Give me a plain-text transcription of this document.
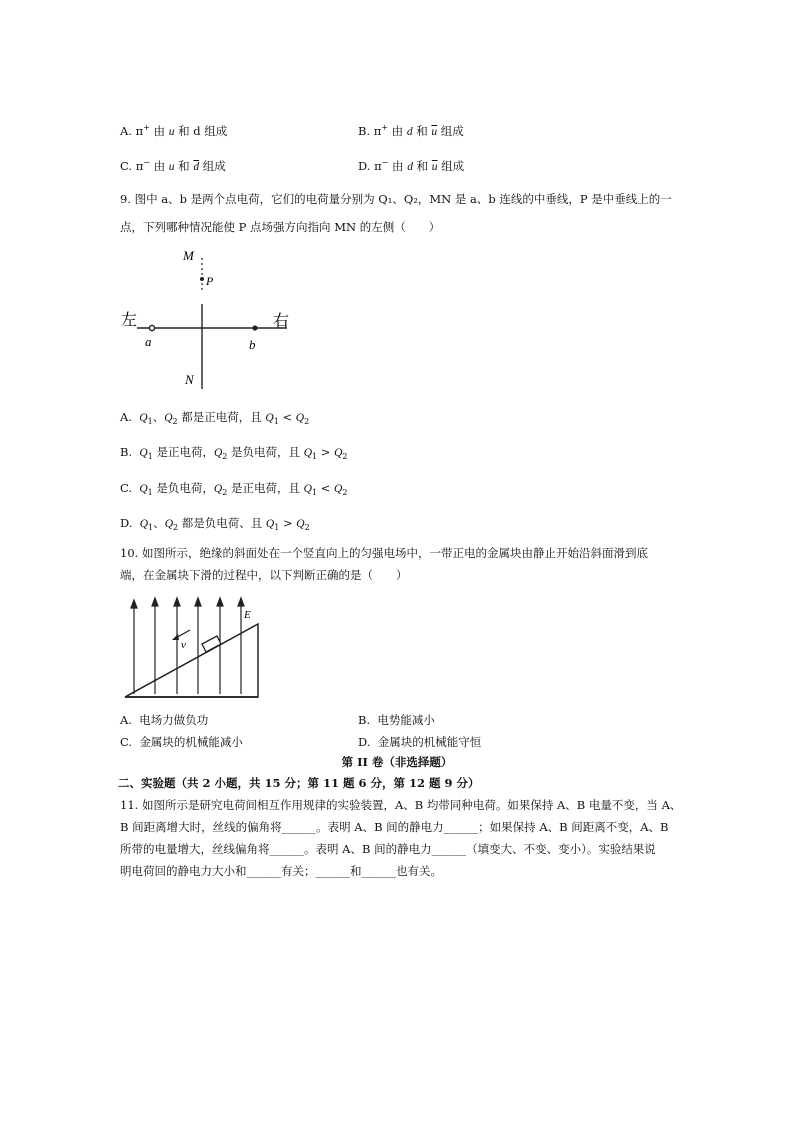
A. π+ 由 u 和 d 组成	B. π+ 由 d 和 $\overline{u}$ 组成
C. π− 由 u 和 $\overline{d}$ 组成	D. π− 由 d 和 $\overline{u}$ 组成
9. 图中 a、b 是两个点电荷，它们的电荷量分别为 Q₁、Q₂，MN 是 a、b 连线的中垂线，P 是中垂线上的一
点，下列哪种情况能使 P 点场强方向指向 MN 的左侧（　　）
M
P
左	右
a	b
N
A.  $Q_1$、$Q_2$ 都是正电荷，且 $Q_1 < Q_2$
B.  $Q_1$ 是正电荷，$Q_2$ 是负电荷，且 $Q_1 > Q_2$
C.  $Q_1$ 是负电荷，$Q_2$ 是正电荷，且 $Q_1 < Q_2$
D.  $Q_1$、$Q_2$ 都是负电荷、且 $Q_1 > Q_2$
10. 如图所示，绝缘的斜面处在一个竖直向上的匀强电场中，一带正电的金属块由静止开始沿斜面滑到底
端，在金属块下滑的过程中，以下判断正确的是（　　）
v
E
A. 电场力做负功	B. 电势能减小
C. 金属块的机械能减小	D. 金属块的机械能守恒
第 II 卷（非选择题）
二、实验题（共 2 小题，共 15 分；第 11 题 6 分，第 12 题 9 分）
11. 如图所示是研究电荷间相互作用规律的实验装置，A、B 均带同种电荷。如果保持 A、B 电量不变，当 A、
B 间距离增大时，丝线的偏角将______。表明 A、B 间的静电力______；如果保持 A、B 间距离不变，A、B
所带的电量增大，丝线偏角将______。表明 A、B 间的静电力______（填变大、不变、变小）。实验结果说
明电荷回的静电力大小和______有关；______和______也有关。
